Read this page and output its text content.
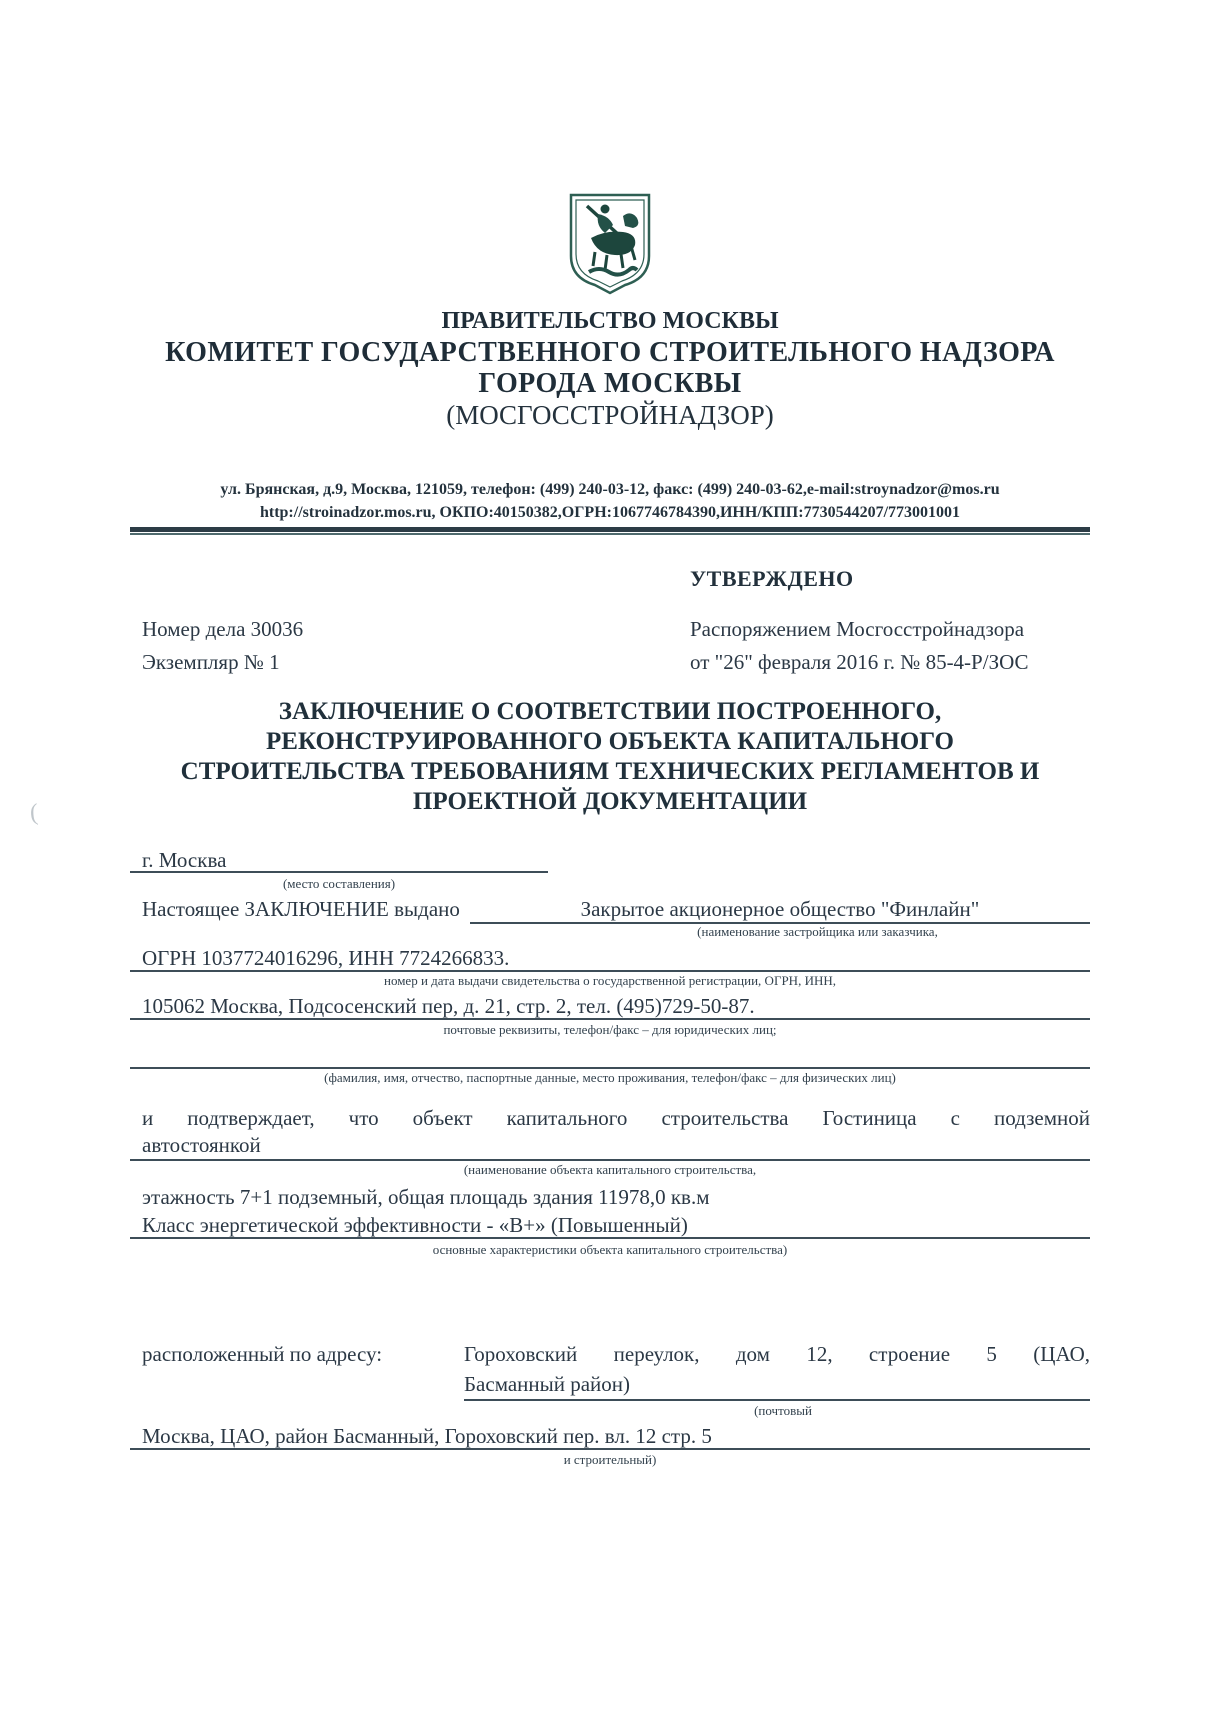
(
ПРАВИТЕЛЬСТВО МОСКВЫ
КОМИТЕТ ГОСУДАРСТВЕННОГО СТРОИТЕЛЬНОГО НАДЗОРА
ГОРОДА МОСКВЫ
(МОСГОССТРОЙНАДЗОР)
ул. Брянская, д.9, Москва, 121059, телефон: (499) 240-03-12, факс: (499) 240-03-62,e-mail:stroynadzor@mos.ru
http://stroinadzor.mos.ru, ОКПО:40150382,ОГРН:1067746784390,ИНН/КПП:7730544207/773001001
УТВЕРЖДЕНО
Номер дела 30036
Экземпляр № 1
Распоряжением Мосгосстройнадзора
от "26" февраля 2016 г. № 85-4-Р/ЗОС
ЗАКЛЮЧЕНИЕ О СООТВЕТСТВИИ ПОСТРОЕННОГО,
РЕКОНСТРУИРОВАННОГО ОБЪЕКТА КАПИТАЛЬНОГО
СТРОИТЕЛЬСТВА ТРЕБОВАНИЯМ ТЕХНИЧЕСКИХ РЕГЛАМЕНТОВ И
ПРОЕКТНОЙ ДОКУМЕНТАЦИИ
г. Москва
(место составления)
Настоящее ЗАКЛЮЧЕНИЕ выдано	Закрытое акционерное общество "Финлайн"
(наименование застройщика или заказчика,
ОГРН 1037724016296, ИНН 7724266833.
номер и дата выдачи свидетельства о государственной регистрации, ОГРН, ИНН,
105062 Москва, Подсосенский пер, д. 21, стр. 2, тел. (495)729-50-87.
почтовые реквизиты, телефон/факс – для юридических лиц;
(фамилия, имя, отчество, паспортные данные, место проживания, телефон/факс – для физических лиц)
и подтверждает, что объект капитального строительства Гостиница с подземной
автостоянкой
(наименование объекта капитального строительства,
этажность 7+1 подземный, общая площадь здания 11978,0 кв.м
Класс энергетической эффективности - «В+» (Повышенный)
основные характеристики объекта капитального строительства)
расположенный по адресу:	Гороховский переулок, дом 12, строение 5 (ЦАО,
Басманный район)
(почтовый
Москва, ЦАО, район Басманный, Гороховский пер. вл. 12 стр. 5
и строительный)
